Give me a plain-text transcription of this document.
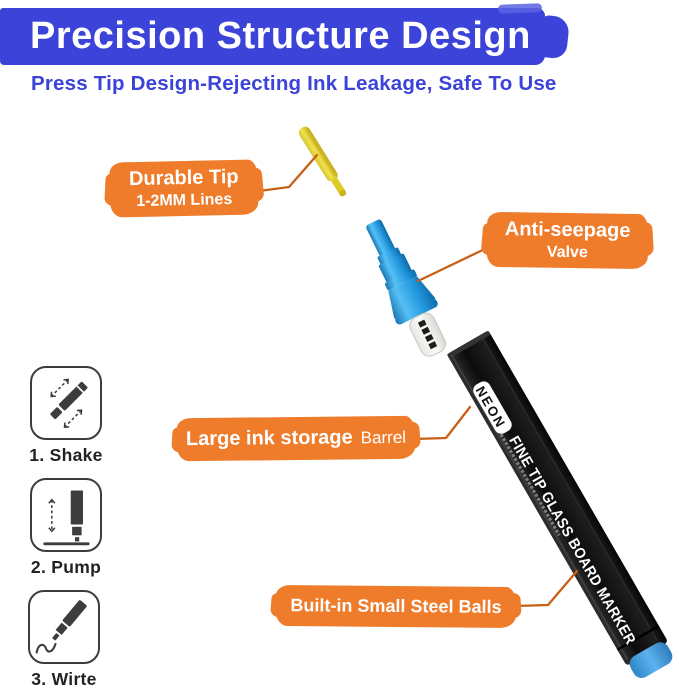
NEON
FINE TIP GLASS BOARD MARKER
Precision Structure Design
Press Tip Design-Rejecting Ink Leakage, Safe To Use
Durable Tip
1-2MM Lines
Anti-seepage
Valve
Large ink storage Barrel
Built-in Small Steel Balls
1. Shake
2. Pump
3. Wirte
